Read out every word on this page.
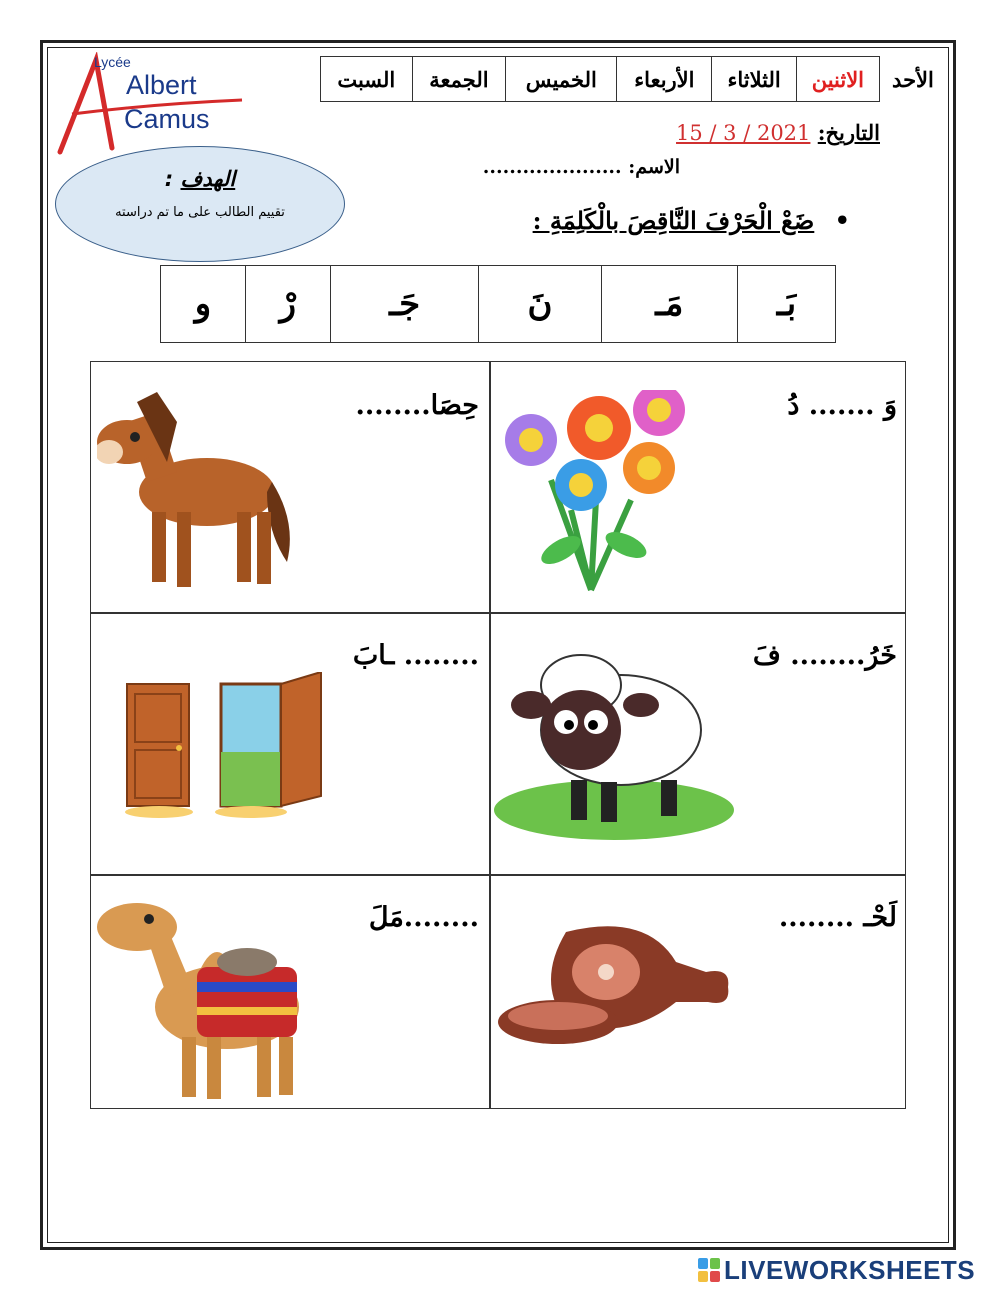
Lycée
Albert
Camus
الأحد	الاثنين	الثلاثاء	الأربعاء	الخميس	الجمعة	السبت
التاريخ: 15 / 3 / 2021
الاسم: .....................
الهدف :
تقييم الطالب على ما تم دراسته	• ضَعْ الْحَرْفَ النَّاقِصَ بالْكَلِمَةِ :
بَـ	مَـ	نَ	جَـ	رْ	و
وَ ....... دُ
حِصَا........
خَرُ........ فَ
........ ـابَ
لَحْـ ........
........مَلَ
LIVEWORKSHEETS
